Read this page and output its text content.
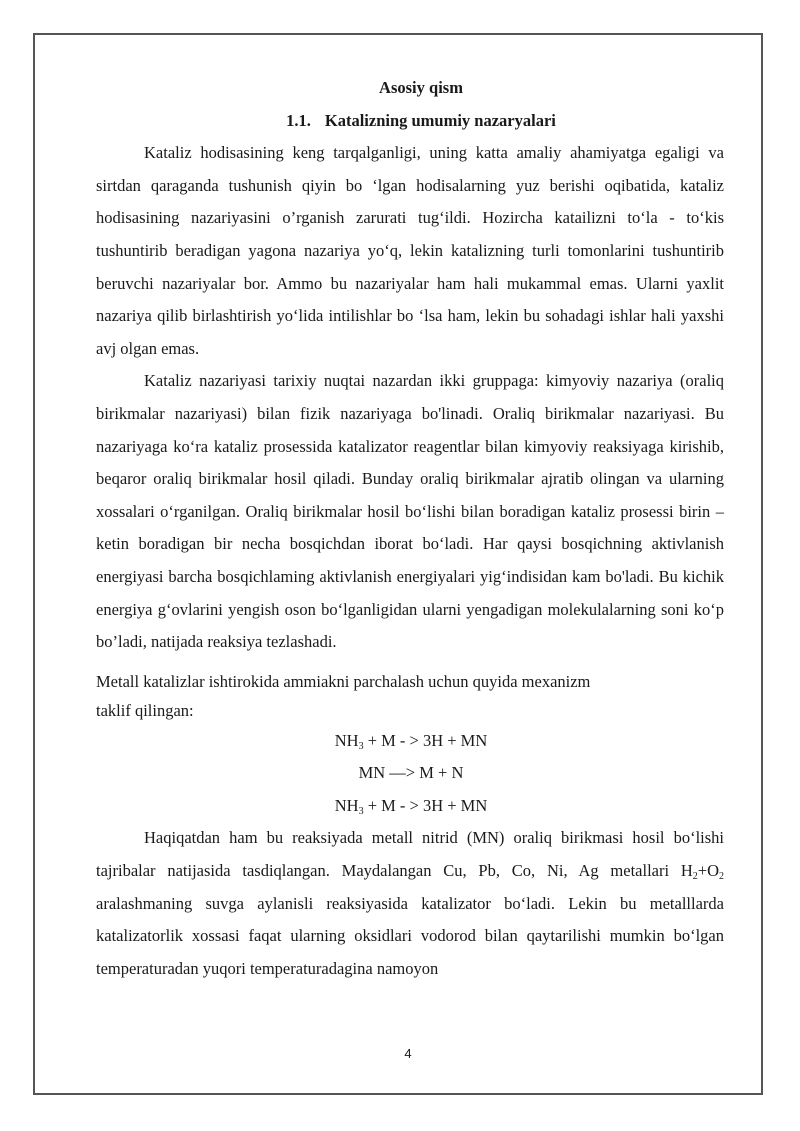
Asosiy qism

1.1. Katalizning umumiy nazaryalari

Kataliz hodisasining keng tarqalganligi, uning katta amaliy ahamiyatga egaligi va sirtdan qaraganda tushunish qiyin bo ‘lgan hodisalarning yuz berishi oqibatida, kataliz hodisasining nazariyasini o’rganish zarurati tug‘ildi. Hozircha katailizni to‘la - to‘kis tushuntirib beradigan yagona nazariya yo‘q, lekin katalizning turli tomonlarini tushuntirib beruvchi nazariyalar bor. Ammo bu nazariyalar ham hali mukammal emas. Ularni yaxlit nazariya qilib birlashtirish yo‘lida intilishlar bo ‘lsa ham, lekin bu sohadagi ishlar hali yaxshi avj olgan emas.

Kataliz nazariyasi tarixiy nuqtai nazardan ikki gruppaga: kimyoviy nazariya (oraliq birikmalar nazariyasi) bilan fizik nazariyaga bo'linadi. Oraliq birikmalar nazariyasi. Bu nazariyaga ko‘ra kataliz prosessida katalizator reagentlar bilan kimyoviy reaksiyaga kirishib, beqaror oraliq birikmalar hosil qiladi. Bunday oraliq birikmalar ajratib olingan va ularning xossalari o‘rganilgan. Oraliq birikmalar hosil bo‘lishi bilan boradigan kataliz prosessi birin – ketin boradigan bir necha bosqichdan iborat bo‘ladi. Har qaysi bosqichning aktivlanish energiyasi barcha bosqichlaming aktivlanish energiyalari yig‘indisidan kam bo'ladi. Bu kichik energiya g‘ovlarini yengish oson bo‘lganligidan ularni yengadigan molekulalarning soni ko‘p bo’ladi, natijada reaksiya tezlashadi.

Metall katalizlar ishtirokida ammiakni parchalash uchun quyida mexanizm
taklif qilingan:

$NH_3 + M$ - > 3H + MN

MN —> M + N

$NH_3 + M$ - > 3H + MN

Haqiqatdan ham bu reaksiyada metall nitrid (MN) oraliq birikmasi hosil bo‘lishi tajribalar natijasida tasdiqlangan. Maydalangan Cu, Pb, Co, Ni, Ag metallari $H_2+O_2$ aralashmaning suvga aylanisli reaksiyasida katalizator bo‘ladi. Lekin bu metalllarda katalizatorlik xossasi faqat ularning oksidlari vodorod bilan qaytarilishi mumkin bo‘lgan temperaturadan yuqori temperaturadagina namoyon

4
